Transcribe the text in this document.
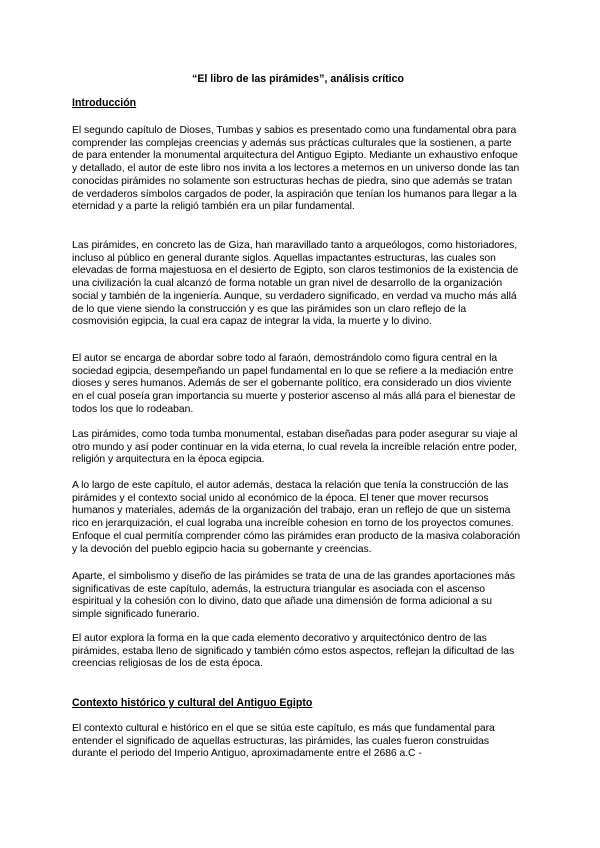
“El libro de las pirámides”, análisis crítico
Introducción

El segundo capítulo de Dioses, Tumbas y sabios es presentado como una fundamental obra para comprender las complejas creencias y además sus prácticas culturales que la sostienen, a parte de para entender la monumental arquitectura del Antiguo Egipto. Mediante un exhaustivo enfoque y detallado, el autor de este libro nos invita a los lectores a meternos en un universo donde las tan conocidas pirámides no solamente son estructuras hechas de piedra, sino que además se tratan de verdaderos símbolos cargados de poder, la aspiración que tenían los humanos para llegar a la eternidad y a parte la religió también era un pilar fundamental.

Las pirámides, en concreto las de Giza, han maravillado tanto a arqueólogos, como historiadores, incluso al público en general durante siglos. Aquellas impactantes estructuras, las cuales son elevadas de forma majestuosa en el desierto de Egipto, son claros testimonios de la existencia de una civilización la cual alcanzó de forma notable un gran nivel de desarrollo de la organización social y también de la ingeniería. Aunque, su verdadero significado, en verdad va mucho más allá de lo que viene siendo la construcción y es que las pirámides son un claro reflejo de la cosmovisión egipcia, la cual era capaz de integrar la vida, la muerte y lo divino.

El autor se encarga de abordar sobre todo al faraón, demostrándolo como figura central en la sociedad egipcia, desempeñando un papel fundamental en lo que se refiere a la mediación entre dioses y seres humanos. Además de ser el gobernante político, era considerado un dios viviente en el cual poseía gran importancia su muerte y posterior ascenso al más allá para el bienestar de todos los que lo rodeaban.

Las pirámides, como toda tumba monumental, estaban diseñadas para poder asegurar su viaje al otro mundo y así poder continuar en la vida eterna, lo cual revela la increíble relación entre poder, religión y arquitectura en la época egipcia.

A lo largo de este capítulo, el autor además, destaca la relación que tenía la construcción de las pirámides y el contexto social unido al económico de la época. El tener que mover recursos humanos y materiales, además de la organización del trabajo, eran un reflejo de que un sistema rico en jerarquización, el cual lograba una increíble cohesion en torno de los proyectos comunes. Enfoque el cual permitía comprender cómo las pirámides eran producto de la masiva colaboración y la devoción del pueblo egipcio hacia su gobernante y creencias.

Aparte, el simbolismo y diseño de las pirámides se trata de una de las grandes aportaciones más significativas de este capítulo, además, la estructura triangular es asociada con el ascenso espiritual y la cohesión con lo divino, dato que añade una dimensión de forma adicional a su simple significado funerario.

El autor explora la forma en la que cada elemento decorativo y arquitectónico dentro de las pirámides, estaba lleno de significado y también cómo estos aspectos, reflejan la dificultad de las creencias religiosas de los de esta época.

Contexto histórico y cultural del Antiguo Egipto

El contexto cultural e histórico en el que se sitúa este capítulo, es más que fundamental para entender el significado de aquellas estructuras, las pirámides, las cuales fueron construidas durante el periodo del Imperio Antiguo, aproximadamente entre el 2686 a.C -
